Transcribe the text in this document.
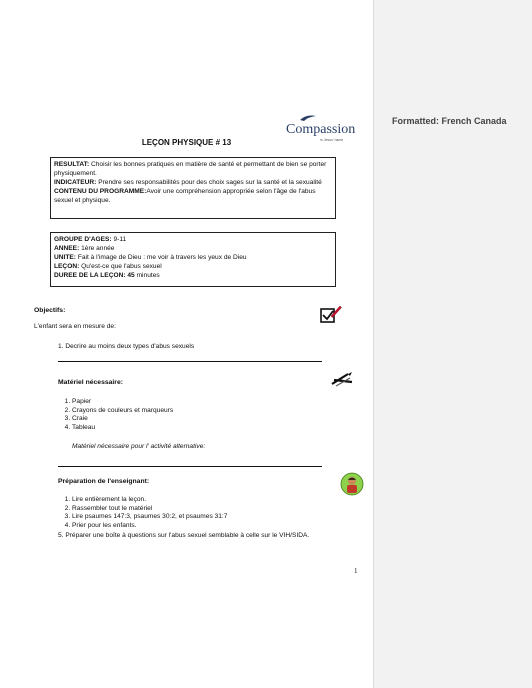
Compassion
in Jesus' name
LEÇON PHYSIQUE # 13

RESULTAT: Choisir les bonnes pratiques en matière de santé et permettant de bien se porter physiquement.

INDICATEUR: Prendre ses responsabilités pour des choix sages sur la santé et la sexualité

CONTENU DU PROGRAMME:Avoir une compréhension appropriée selon l'âge de l'abus sexuel et physique.

GROUPE D'AGES: 9-11

ANNEE: 1ère année

UNITE: Fait à l'image de Dieu : me voir à travers les yeux de Dieu

LEÇON: Qu'est-ce que l'abus sexuel

DUREE DE LA LEÇON: 45 minutes

Objectifs:
L'enfant sera en mesure de:
1. Decrire au moins deux types d'abus sexuels
Matériel nécessaire:
1. Papier
2. Crayons de couleurs et marqueurs
3. Craie
4. Tableau
Matériel nécessaire pour l' activité alternative:
Préparation de l'enseignant:
1. Lire entièrement la leçon.
2. Rassembler tout le matériel
3. Lire psaumes 147:3, psaumes 30:2, et psaumes 31:7
4. Prier pour les enfants.
5. Préparer une boîte à questions sur l'abus sexuel semblable à celle sur le VIH/SIDA.
1
Formatted: French Canada
